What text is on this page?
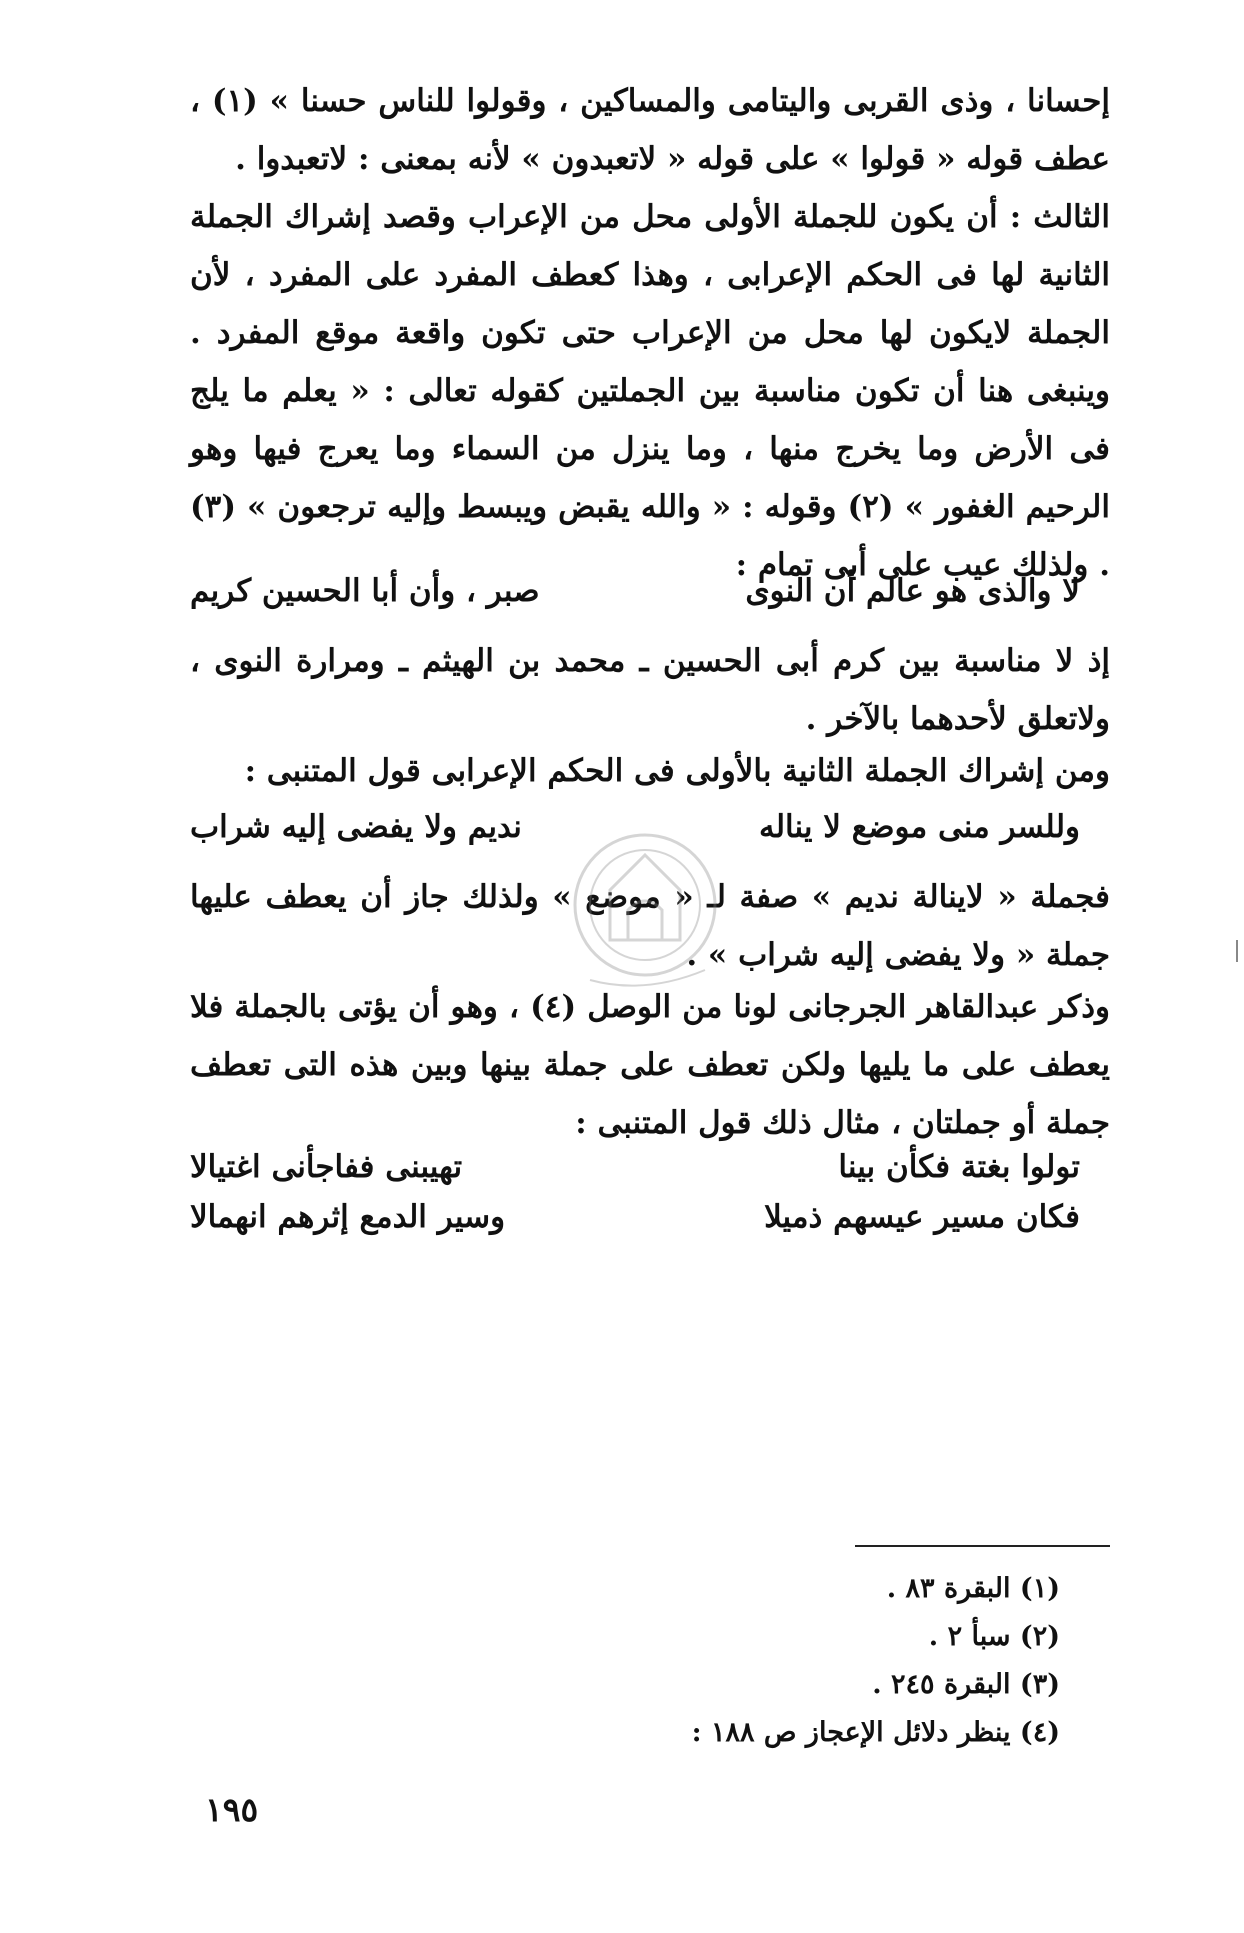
إحسانا ، وذى القربى واليتامى والمساكين ، وقولوا للناس حسنا » (١) ، عطف قوله « قولوا » على قوله « لاتعبدون » لأنه بمعنى : لاتعبدوا .

الثالث : أن يكون للجملة الأولى محل من الإعراب وقصد إشراك الجملة الثانية لها فى الحكم الإعرابى ، وهذا كعطف المفرد على المفرد ، لأن الجملة لايكون لها محل من الإعراب حتى تكون واقعة موقع المفرد . وينبغى هنا أن تكون مناسبة بين الجملتين كقوله تعالى : « يعلم ما يلج فى الأرض وما يخرج منها ، وما ينزل من السماء وما يعرج فيها وهو الرحيم الغفور » (٢) وقوله : « والله يقبض ويبسط وإليه ترجعون » (٣) . ولذلك عيب على أبى تمام :

لا والذى هو عالم أن النوى
صبر ، وأن أبا الحسين كريم

إذ لا مناسبة بين كرم أبى الحسين ـ محمد بن الهيثم ـ ومرارة النوى ، ولاتعلق لأحدهما بالآخر .

ومن إشراك الجملة الثانية بالأولى فى الحكم الإعرابى قول المتنبى :

وللسر منى موضع لا يناله
نديم ولا يفضى إليه شراب

فجملة « لاينالة نديم » صفة لـ « موضع » ولذلك جاز أن يعطف عليها جملة « ولا يفضى إليه شراب » .

وذكر عبدالقاهر الجرجانى لونا من الوصل (٤) ، وهو أن يؤتى بالجملة فلا يعطف على ما يليها ولكن تعطف على جملة بينها وبين هذه التى تعطف جملة أو جملتان ، مثال ذلك قول المتنبى :

تولوا بغتة فكأن بينا
تهيبنى ففاجأنى اغتيالا
فكان مسير عيسهم ذميلا
وسير الدمع إثرهم انهمالا
(١) البقرة ٨٣ .
(٢) سبأ ٢ .
(٣) البقرة ٢٤٥ .
(٤) ينظر دلائل الإعجاز ص ١٨٨ :
١٩٥
